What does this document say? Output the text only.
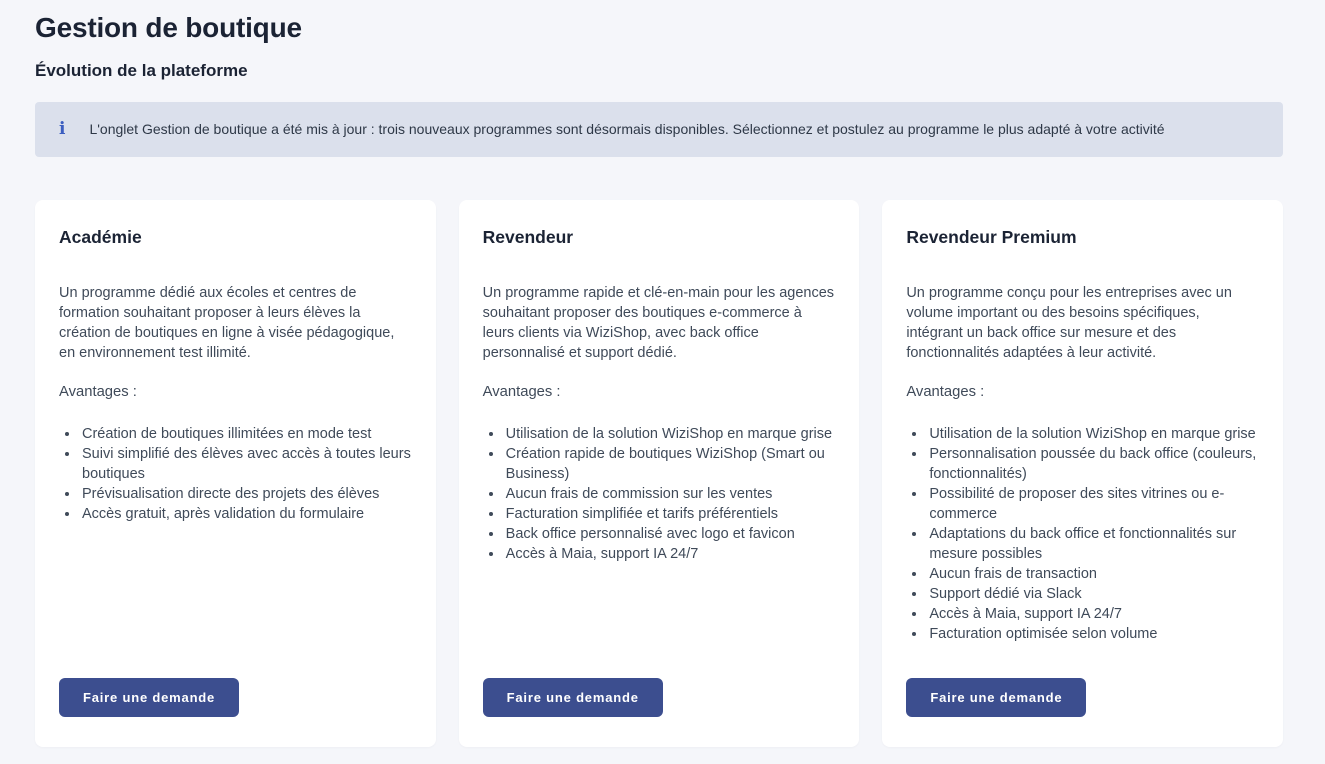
Gestion de boutique
Évolution de la plateforme
i L'onglet Gestion de boutique a été mis à jour : trois nouveaux programmes sont désormais disponibles. Sélectionnez et postulez au programme le plus adapté à votre activité
Académie

Un programme dédié aux écoles et centres de formation souhaitant proposer à leurs élèves la création de boutiques en ligne à visée pédagogique, en environnement test illimité.

Avantages :

• Création de boutiques illimitées en mode test
• Suivi simplifié des élèves avec accès à toutes leurs boutiques
• Prévisualisation directe des projets des élèves
• Accès gratuit, après validation du formulaire
Faire une demande
Revendeur

Un programme rapide et clé-en-main pour les agences souhaitant proposer des boutiques e-commerce à leurs clients via WiziShop, avec back office personnalisé et support dédié.

Avantages :

• Utilisation de la solution WiziShop en marque grise
• Création rapide de boutiques WiziShop (Smart ou Business)
• Aucun frais de commission sur les ventes
• Facturation simplifiée et tarifs préférentiels
• Back office personnalisé avec logo et favicon
• Accès à Maia, support IA 24/7
Faire une demande
Revendeur Premium

Un programme conçu pour les entreprises avec un volume important ou des besoins spécifiques, intégrant un back office sur mesure et des fonctionnalités adaptées à leur activité.

Avantages :

• Utilisation de la solution WiziShop en marque grise
• Personnalisation poussée du back office (couleurs, fonctionnalités)
• Possibilité de proposer des sites vitrines ou e-commerce
• Adaptations du back office et fonctionnalités sur mesure possibles
• Aucun frais de transaction
• Support dédié via Slack
• Accès à Maia, support IA 24/7
• Facturation optimisée selon volume
Faire une demande
